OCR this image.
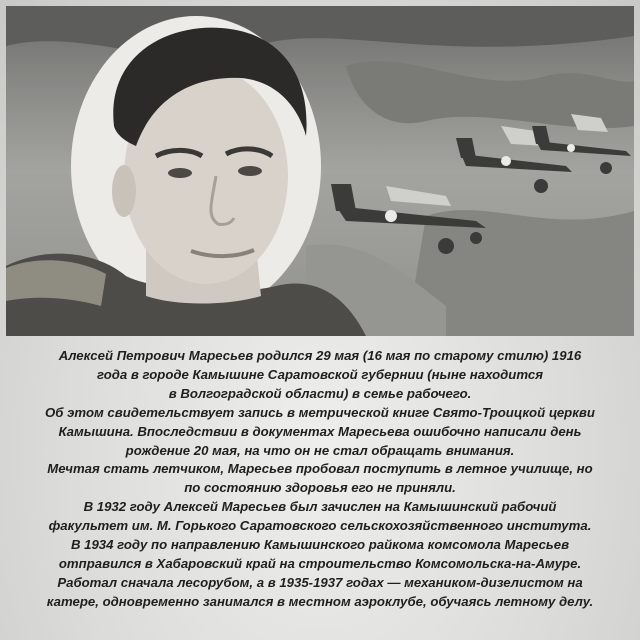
Алексей Петрович Маресьев родился 29 мая (16 мая по старому стилю) 1916

года в городе Камышине Саратовской губернии (ныне находится

в Волгоградской области) в семье рабочего.

Об этом свидетельствует запись в метрической книге Свято-Троицкой церкви

Камышина. Впоследствии в документах Маресьева ошибочно написали день

рождение 20 мая, на что он не стал обращать внимания.

Мечтая стать летчиком, Маресьев пробовал поступить в летное училище, но

по состоянию здоровья его не приняли.

В 1932 году Алексей Маресьев был зачислен на Камышинский рабочий

факультет им. М. Горького Саратовского сельскохозяйственного института.

В 1934 году по направлению Камышинского райкома комсомола Маресьев

отправился в Хабаровский край на строительство Комсомольска-на-Амуре.

Работал сначала лесорубом, а в 1935-1937 годах — механиком-дизелистом на

катере, одновременно занимался в местном аэроклубе, обучаясь летному делу.
